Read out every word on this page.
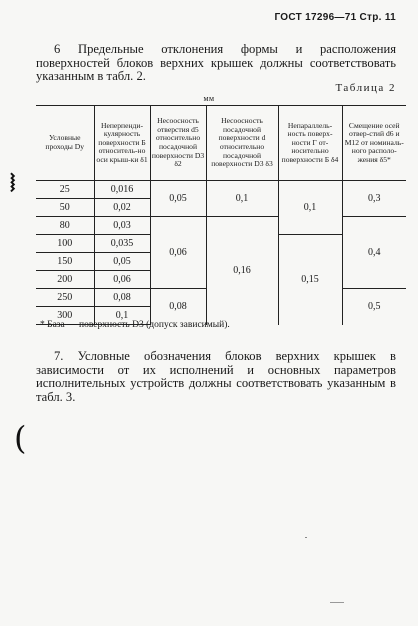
ГОСТ 17296—71 Стр. 11
6 Предельные отклонения формы и расположения поверхностей блоков верхних крышек должны соответствовать указанным в табл. 2.
Таблица 2
мм
Условные проходы Dу	Неперпенди-кулярность поверхности Б относитель-но оси крыш-ки δ1	Несоосность отверстия d5 относительно посадочной поверхности D3 δ2	Несоосность посадочной поверхности d относительно посадочной поверхности D3 δ3	Непараллель-ность поверх-ности Г от-носительно поверхности Б δ4	Смещение осей отвер-стий d6 и М12 от номиналь-ного располо-жения δ5*
25	0,016	0,05	0,1	0,1	0,3
50	0,02				
80	0,03	0,06	0,16		0,4
100	0,035			0,15	
150	0,05				
200	0,06				
250	0,08	0,08			0,5
300	0,1				
* База — поверхность D3 (допуск зависимый).
7. Условные обозначения блоков верхних крышек в зависимости от их исполнений и основных параметров исполнительных устройств должны соответствовать указанным в табл. 3.
⧘
(
